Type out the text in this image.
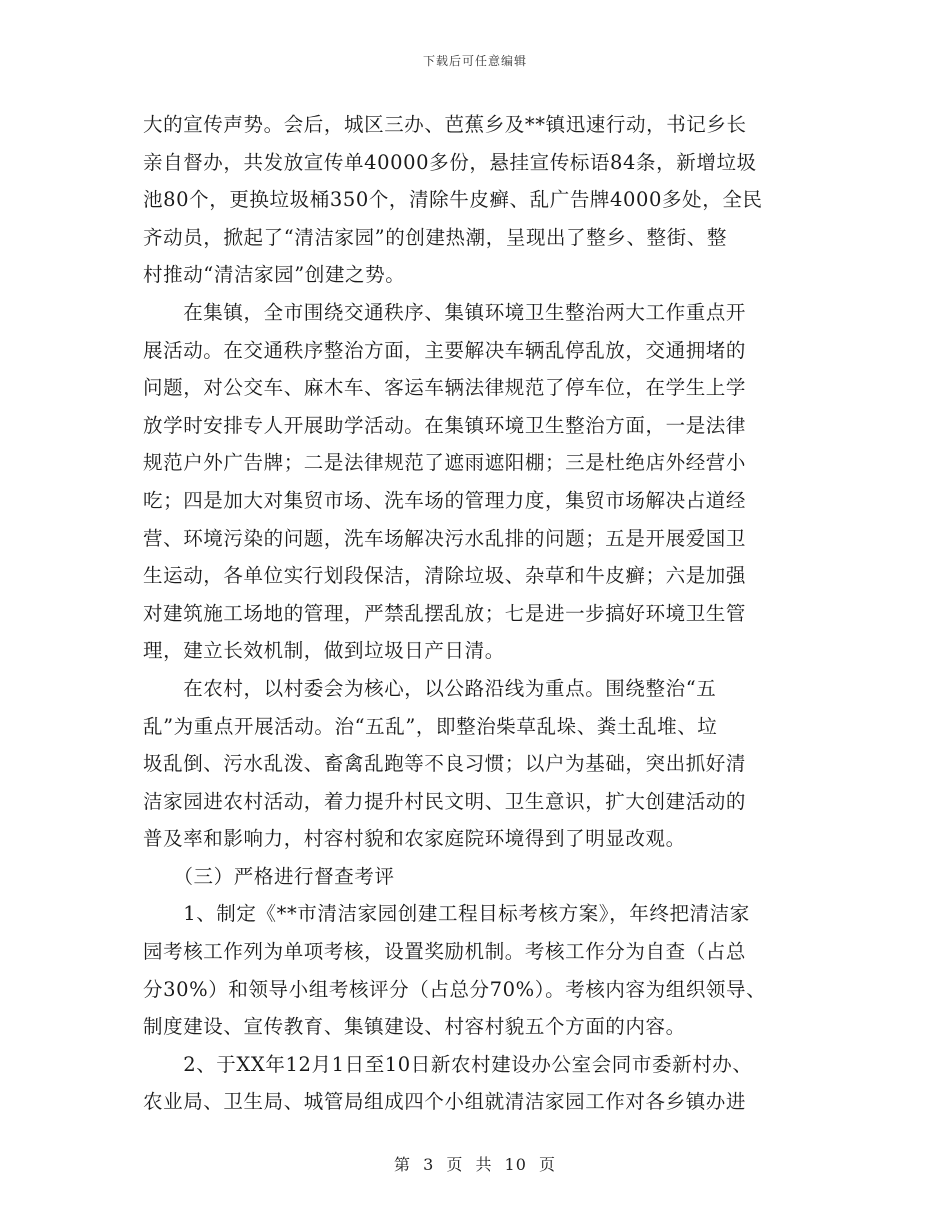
下载后可任意编辑
大的宣传声势。会后，城区三办、芭蕉乡及**镇迅速行动，书记乡长
亲自督办，共发放宣传单40000多份，悬挂宣传标语84条，新增垃圾
池80个，更换垃圾桶350个，清除牛皮癣、乱广告牌4000多处，全民
齐动员，掀起了“清洁家园”的创建热潮，呈现出了整乡、整街、整
村推动“清洁家园”创建之势。
　　在集镇，全市围绕交通秩序、集镇环境卫生整治两大工作重点开
展活动。在交通秩序整治方面，主要解决车辆乱停乱放，交通拥堵的
问题，对公交车、麻木车、客运车辆法律规范了停车位，在学生上学
放学时安排专人开展助学活动。在集镇环境卫生整治方面，一是法律
规范户外广告牌；二是法律规范了遮雨遮阳棚；三是杜绝店外经营小
吃；四是加大对集贸市场、洗车场的管理力度，集贸市场解决占道经
营、环境污染的问题，洗车场解决污水乱排的问题；五是开展爱国卫
生运动，各单位实行划段保洁，清除垃圾、杂草和牛皮癣；六是加强
对建筑施工场地的管理，严禁乱摆乱放；七是进一步搞好环境卫生管
理，建立长效机制，做到垃圾日产日清。
　　在农村，以村委会为核心，以公路沿线为重点。围绕整治“五
乱”为重点开展活动。治“五乱”，即整治柴草乱垛、粪土乱堆、垃
圾乱倒、污水乱泼、畜禽乱跑等不良习惯；以户为基础，突出抓好清
洁家园进农村活动，着力提升村民文明、卫生意识，扩大创建活动的
普及率和影响力，村容村貌和农家庭院环境得到了明显改观。
　　（三）严格进行督查考评
　　1、制定《**市清洁家园创建工程目标考核方案》，年终把清洁家
园考核工作列为单项考核，设置奖励机制。考核工作分为自查（占总
分30%）和领导小组考核评分（占总分70%）。考核内容为组织领导、
制度建设、宣传教育、集镇建设、村容村貌五个方面的内容。
　　2、于XX年12月1日至10日新农村建设办公室会同市委新村办、
农业局、卫生局、城管局组成四个小组就清洁家园工作对各乡镇办进
第 3 页 共 10 页
